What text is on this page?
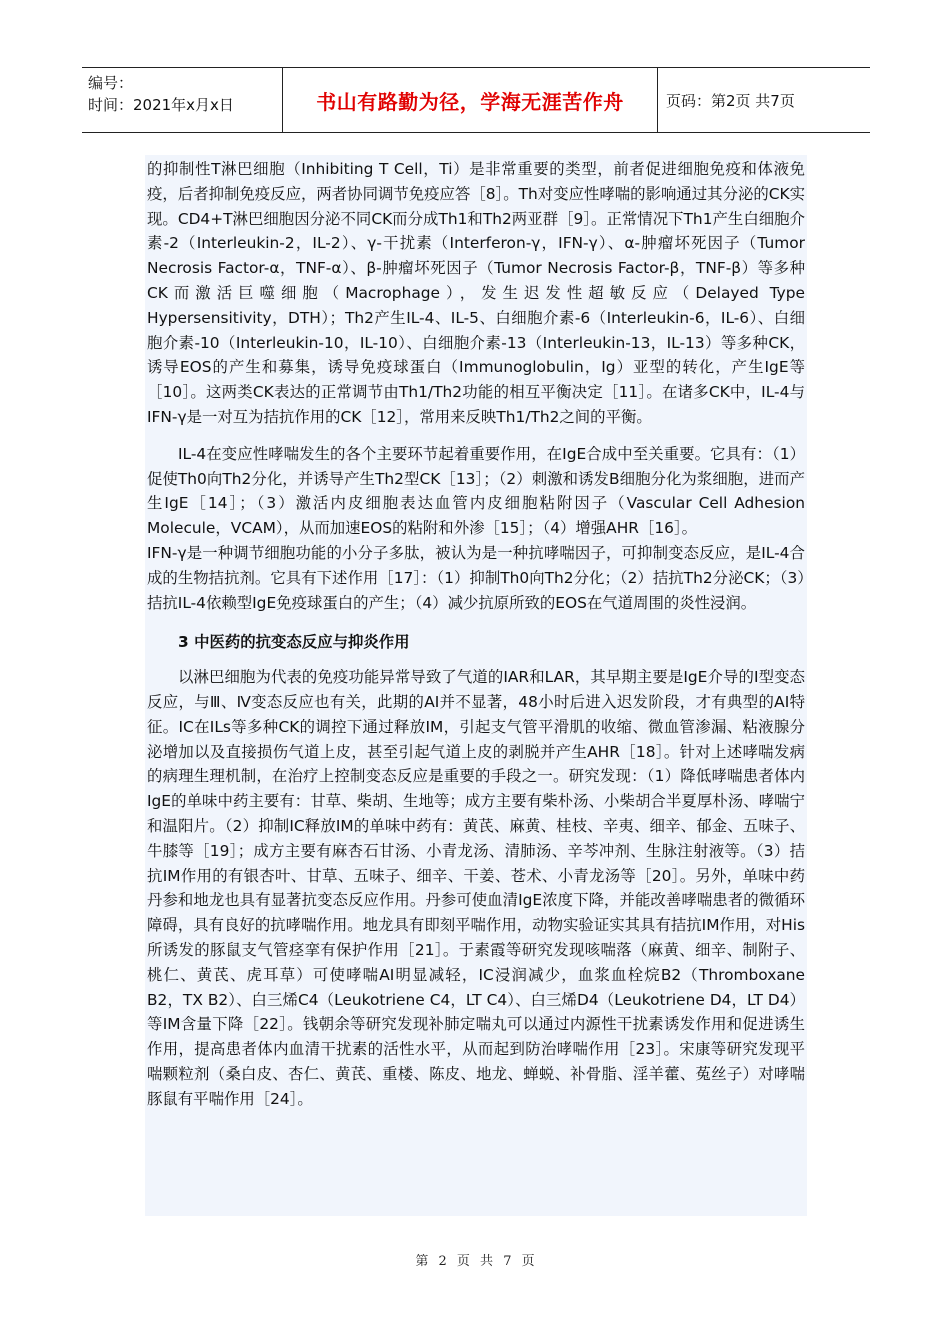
编号：
时间：2021年x月x日	书山有路勤为径，学海无涯苦作舟	页码：第2页 共7页

的抑制性T淋巴细胞（Inhibiting T Cell，Ti）是非常重要的类型，前者促进细胞免疫和体液免疫，后者抑制免疫反应，两者协同调节免疫应答［8］。Th对变应性哮喘的影响通过其分泌的CK实现。CD4+T淋巴细胞因分泌不同CK而分成Th1和Th2两亚群［9］。正常情况下Th1产生白细胞介素-2（Interleukin-2，IL-2）、γ-干扰素（Interferon-γ，IFN-γ）、α-肿瘤坏死因子（Tumor Necrosis Factor-α，TNF-α）、β-肿瘤坏死因子（Tumor Necrosis Factor-β，TNF-β）等多种CK而激活巨噬细胞（Macrophage），发生迟发性超敏反应（Delayed Type Hypersensitivity，DTH）；Th2产生IL-4、IL-5、白细胞介素-6（Interleukin-6，IL-6）、白细胞介素-10（Interleukin-10，IL-10）、白细胞介素-13（Interleukin-13，IL-13）等多种CK，诱导EOS的产生和募集，诱导免疫球蛋白（Immunoglobulin，Ig）亚型的转化，产生IgE等［10］。这两类CK表达的正常调节由Th1/Th2功能的相互平衡决定［11］。在诸多CK中，IL-4与IFN-γ是一对互为拮抗作用的CK［12］，常用来反映Th1/Th2之间的平衡。

IL-4在变应性哮喘发生的各个主要环节起着重要作用，在IgE合成中至关重要。它具有：（1）促使Th0向Th2分化，并诱导产生Th2型CK［13］；（2）刺激和诱发B细胞分化为浆细胞，进而产生IgE［14］；（3）激活内皮细胞表达血管内皮细胞粘附因子（Vascular Cell Adhesion Molecule，VCAM），从而加速EOS的粘附和外渗［15］；（4）增强AHR［16］。

IFN-γ是一种调节细胞功能的小分子多肽，被认为是一种抗哮喘因子，可抑制变态反应，是IL-4合成的生物拮抗剂。它具有下述作用［17］：（1）抑制Th0向Th2分化；（2）拮抗Th2分泌CK；（3）拮抗IL-4依赖型IgE免疫球蛋白的产生；（4）减少抗原所致的EOS在气道周围的炎性浸润。

3 中医药的抗变态反应与抑炎作用

以淋巴细胞为代表的免疫功能异常导致了气道的IAR和LAR，其早期主要是IgE介导的I型变态反应，与Ⅲ、Ⅳ变态反应也有关，此期的AI并不显著，48小时后进入迟发阶段，才有典型的AI特征。IC在ILs等多种CK的调控下通过释放IM，引起支气管平滑肌的收缩、微血管渗漏、粘液腺分泌增加以及直接损伤气道上皮，甚至引起气道上皮的剥脱并产生AHR［18］。针对上述哮喘发病的病理生理机制，在治疗上控制变态反应是重要的手段之一。研究发现：（1）降低哮喘患者体内IgE的单味中药主要有：甘草、柴胡、生地等；成方主要有柴朴汤、小柴胡合半夏厚朴汤、哮喘宁和温阳片。（2）抑制IC释放IM的单味中药有：黄芪、麻黄、桂枝、辛夷、细辛、郁金、五味子、牛膝等［19］；成方主要有麻杏石甘汤、小青龙汤、清肺汤、辛芩冲剂、生脉注射液等。（3）拮抗IM作用的有银杏叶、甘草、五味子、细辛、干姜、苍术、小青龙汤等［20］。另外，单味中药丹参和地龙也具有显著抗变态反应作用。丹参可使血清IgE浓度下降，并能改善哮喘患者的微循环障碍，具有良好的抗哮喘作用。地龙具有即刻平喘作用，动物实验证实其具有拮抗IM作用，对His所诱发的豚鼠支气管痉挛有保护作用［21］。于素霞等研究发现咳喘落（麻黄、细辛、制附子、桃仁、黄芪、虎耳草）可使哮喘AI明显减轻，IC浸润减少，血浆血栓烷B2（Thromboxane B2，TX B2）、白三烯C4（Leukotriene C4，LT C4）、白三烯D4（Leukotriene D4，LT D4）等IM含量下降［22］。钱朝余等研究发现补肺定喘丸可以通过内源性干扰素诱发作用和促进诱生作用，提高患者体内血清干扰素的活性水平，从而起到防治哮喘作用［23］。宋康等研究发现平喘颗粒剂（桑白皮、杏仁、黄芪、重楼、陈皮、地龙、蝉蜕、补骨脂、淫羊藿、菟丝子）对哮喘豚鼠有平喘作用［24］。

第 2 页 共 7 页
